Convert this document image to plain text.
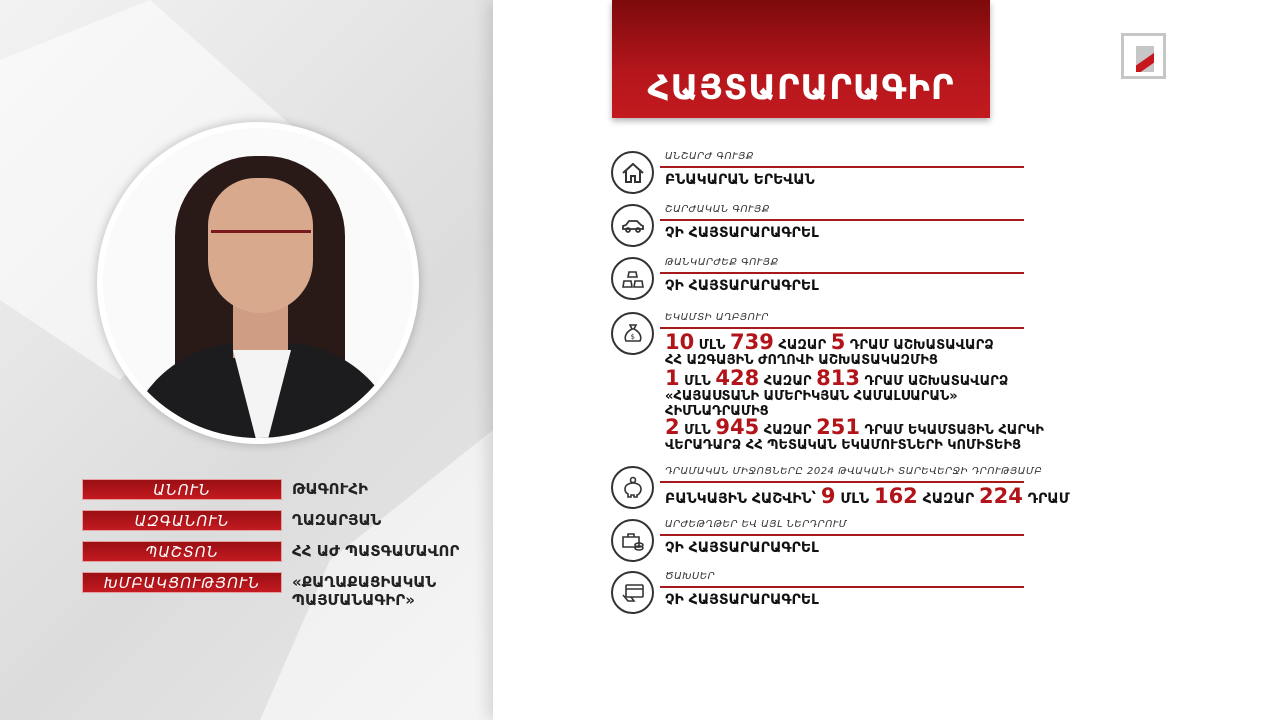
ՀԱՅՏԱՐԱՐԱԳԻՐ
ԱՆՈՒՆ	ԹԱԳՈՒՀԻ
ԱԶԳԱՆՈՒՆ	ՂԱԶԱՐՅԱՆ
ՊԱՇՏՈՆ	ՀՀ ԱԺ ՊԱՏԳԱՄԱՎՈՐ
ԽՄԲԱԿՑՈՒԹՅՈՒՆ	«ՔԱՂԱՔԱՑԻԱԿԱՆ
ՊԱՅՄԱՆԱԳԻՐ»
ԱՆՇԱՐԺ ԳՈՒՅՔ
ԲՆԱԿԱՐԱՆ ԵՐԵՎԱՆ
ՇԱՐԺԱԿԱՆ ԳՈՒՅՔ
ՉԻ ՀԱՅՏԱՐԱՐԱԳՐԵԼ
ԹԱՆԿԱՐԺԵՔ ԳՈՒՅՔ
ՉԻ ՀԱՅՏԱՐԱՐԱԳՐԵԼ
$
ԵԿԱՄՏԻ ԱՂԲՅՈՒՐ
10 ՄԼՆ 739 ՀԱԶԱՐ 5 ԴՐԱՄ ԱՇԽԱՏԱՎԱՐՁ
ՀՀ ԱԶԳԱՅԻՆ ԺՈՂՈՎԻ ԱՇԽԱՏԱԿԱԶՄԻՑ
1 ՄԼՆ 428 ՀԱԶԱՐ 813 ԴՐԱՄ ԱՇԽԱՏԱՎԱՐՁ
«ՀԱՅԱՍՏԱՆԻ ԱՄԵՐԻԿՅԱՆ ՀԱՄԱԼՍԱՐԱՆ»
ՀԻՄՆԱԴՐԱՄԻՑ
2 ՄԼՆ 945 ՀԱԶԱՐ 251 ԴՐԱՄ ԵԿԱՄՏԱՅԻՆ ՀԱՐԿԻ
ՎԵՐԱԴԱՐՁ ՀՀ ՊԵՏԱԿԱՆ ԵԿԱՄՈՒՏՆԵՐԻ ԿՈՄԻՏԵԻՑ
ԴՐԱՄԱԿԱՆ ՄԻՋՈՑՆԵՐԸ 2024 ԹՎԱԿԱՆԻ ՏԱՐԵՎԵՐՋԻ ԴՐՈՒԹՅԱՄԲ
ԲԱՆԿԱՅԻՆ ՀԱՇՎԻՆ՝ 9 ՄԼՆ 162 ՀԱԶԱՐ 224 ԴՐԱՄ
ԱՐԺԵԹՂԹԵՐ ԵՎ ԱՅԼ ՆԵՐԴՐՈՒՄ
ՉԻ ՀԱՅՏԱՐԱՐԱԳՐԵԼ
ԾԱԽՍԵՐ
ՉԻ ՀԱՅՏԱՐԱՐԱԳՐԵԼ
